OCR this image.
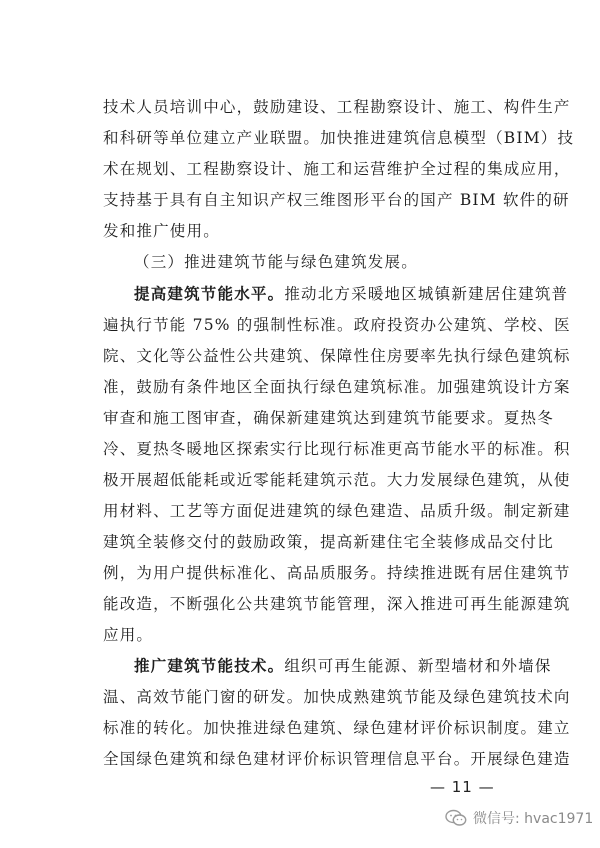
技术人员培训中心，鼓励建设、工程勘察设计、施工、构件生产
和科研等单位建立产业联盟。加快推进建筑信息模型（BIM）技
术在规划、工程勘察设计、施工和运营维护全过程的集成应用，
支持基于具有自主知识产权三维图形平台的国产 BIM 软件的研
发和推广使用。
（三）推进建筑节能与绿色建筑发展。
提高建筑节能水平。推动北方采暖地区城镇新建居住建筑普
遍执行节能 75% 的强制性标准。政府投资办公建筑、学校、医
院、文化等公益性公共建筑、保障性住房要率先执行绿色建筑标
准，鼓励有条件地区全面执行绿色建筑标准。加强建筑设计方案
审查和施工图审查，确保新建建筑达到建筑节能要求。夏热冬
冷、夏热冬暖地区探索实行比现行标准更高节能水平的标准。积
极开展超低能耗或近零能耗建筑示范。大力发展绿色建筑，从使
用材料、工艺等方面促进建筑的绿色建造、品质升级。制定新建
建筑全装修交付的鼓励政策，提高新建住宅全装修成品交付比
例，为用户提供标准化、高品质服务。持续推进既有居住建筑节
能改造，不断强化公共建筑节能管理，深入推进可再生能源建筑
应用。
推广建筑节能技术。组织可再生能源、新型墙材和外墙保
温、高效节能门窗的研发。加快成熟建筑节能及绿色建筑技术向
标准的转化。加快推进绿色建筑、绿色建材评价标识制度。建立
全国绿色建筑和绿色建材评价标识管理信息平台。开展绿色建造
— 11 —
微信号: hvac1971
